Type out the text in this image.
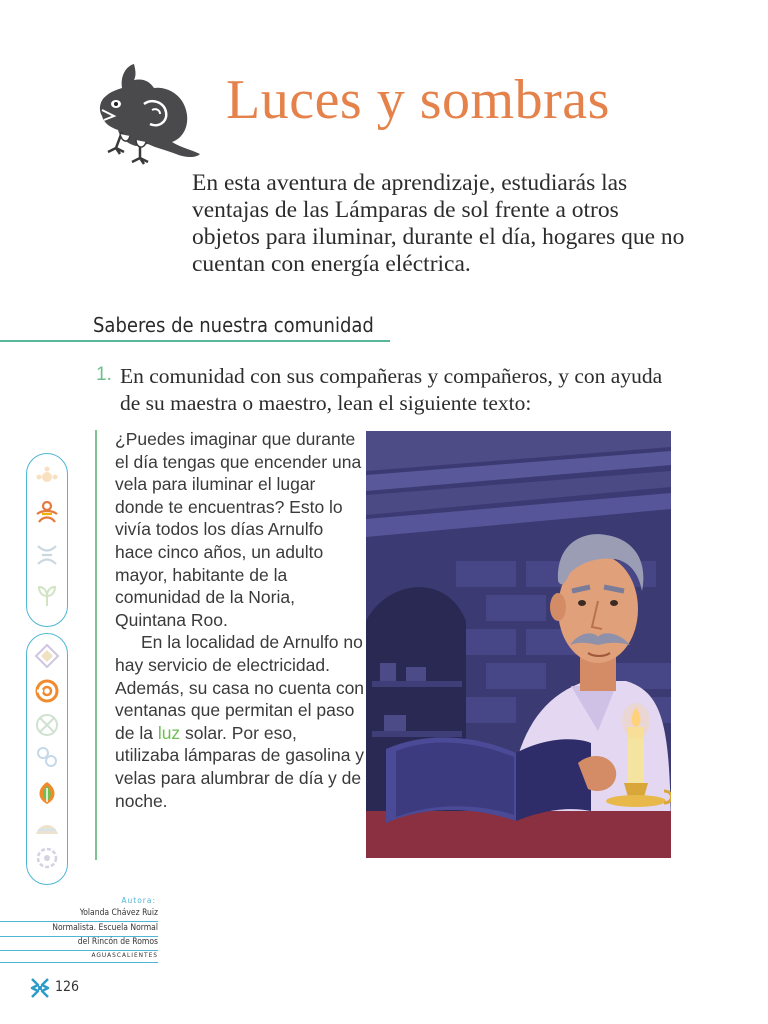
Luces y sombras
En esta aventura de aprendizaje, estudiarás las ventajas de las Lámparas de sol frente a otros objetos para iluminar, durante el día, hogares que no cuentan con energía eléctrica.
Saberes de nuestra comunidad
1. En comunidad con sus compañeras y compañeros, y con ayuda de su maestra o maestro, lean el siguiente texto:

¿Puedes imaginar que durante el día tengas que encender una vela para iluminar el lugar donde te encuentras? Esto lo vivía todos los días Arnulfo hace cinco años, un adulto mayor, habitante de la comunidad de la Noria, Quintana Roo.

En la localidad de Arnulfo no hay servicio de electricidad. Además, su casa no cuenta con ventanas que permitan el paso de la luz solar. Por eso, utilizaba lámparas de gasolina y velas para alumbrar de día y de noche.

Autora:
Yolanda Chávez Ruiz
Normalista. Escuela Normal
del Rincón de Romos
AGUASCALIENTES
126
